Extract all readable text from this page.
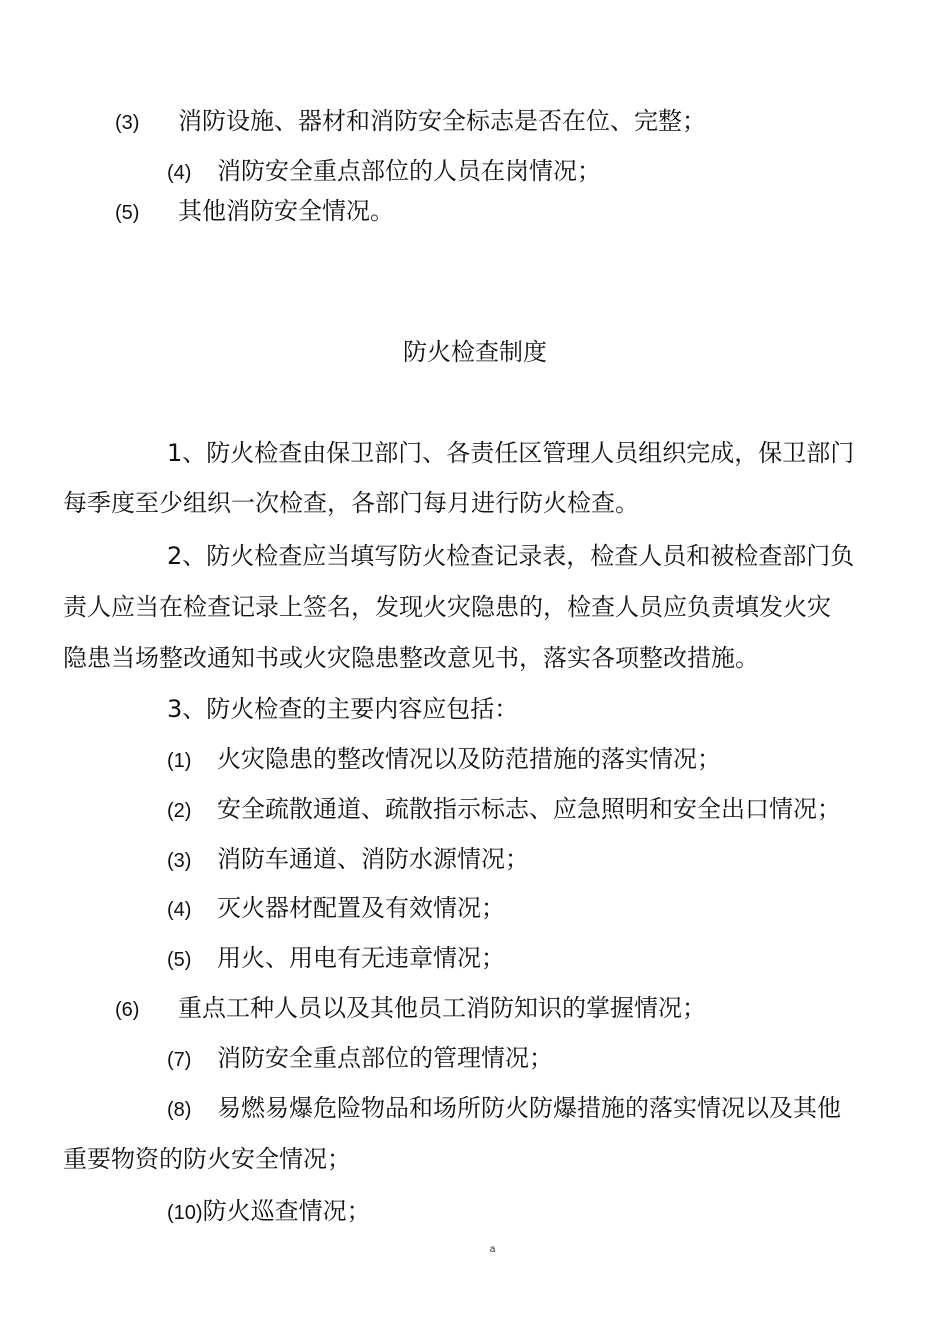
(3) 消防设施、器材和消防安全标志是否在位、完整；
(4) 消防安全重点部位的人员在岗情况；
(5) 其他消防安全情况。
防火检查制度
1、防火检查由保卫部门、各责任区管理人员组织完成，保卫部门
每季度至少组织一次检查，各部门每月进行防火检查。
2、防火检查应当填写防火检查记录表，检查人员和被检查部门负
责人应当在检查记录上签名，发现火灾隐患的，检查人员应负责填发火灾
隐患当场整改通知书或火灾隐患整改意见书，落实各项整改措施。
3、防火检查的主要内容应包括：
(1) 火灾隐患的整改情况以及防范措施的落实情况；
(2) 安全疏散通道、疏散指示标志、应急照明和安全出口情况；
(3) 消防车通道、消防水源情况；
(4) 灭火器材配置及有效情况；
(5) 用火、用电有无违章情况；
(6) 重点工种人员以及其他员工消防知识的掌握情况；
(7) 消防安全重点部位的管理情况；
(8) 易燃易爆危险物品和场所防火防爆措施的落实情况以及其他
重要物资的防火安全情况；
(10)防火巡查情况；
a
